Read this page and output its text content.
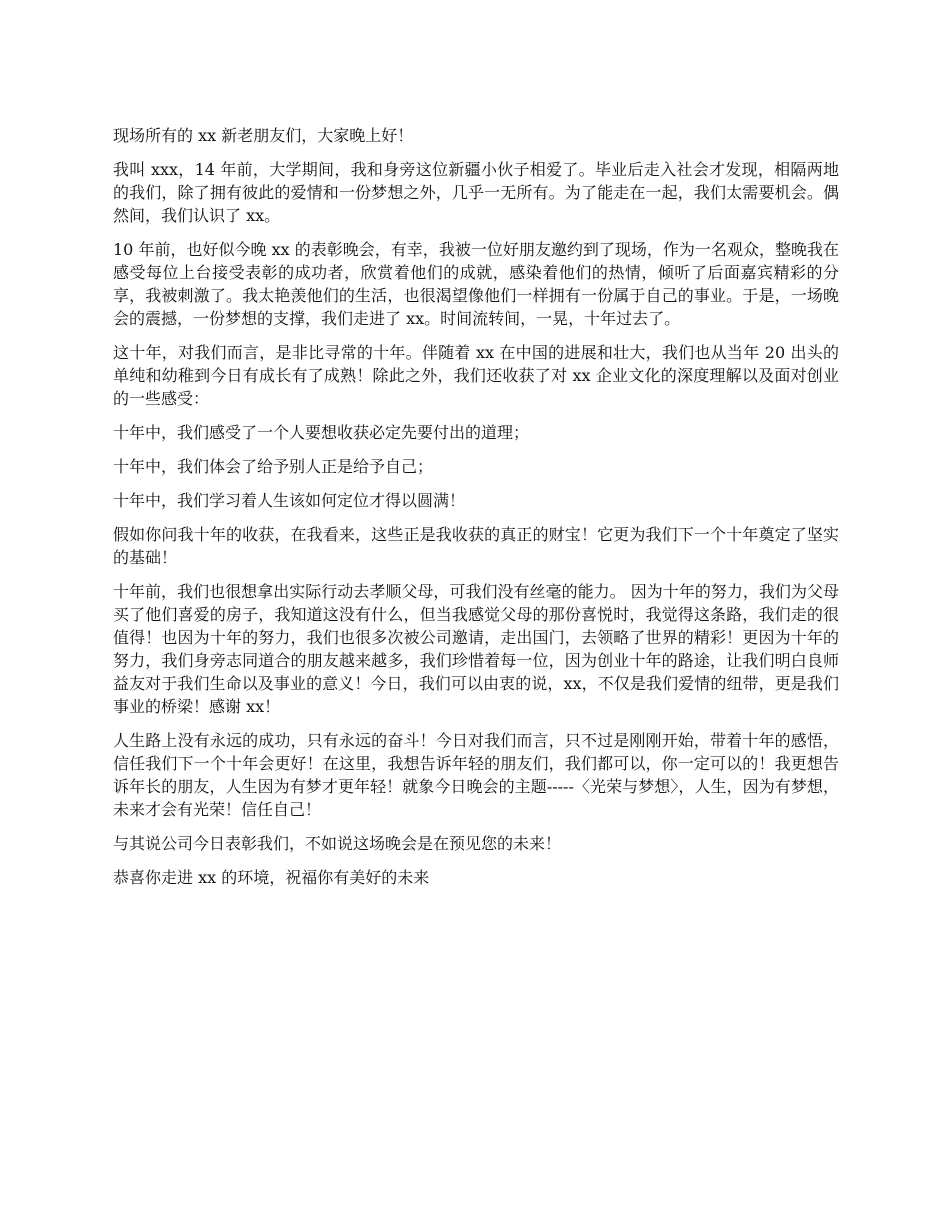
现场所有的 xx 新老朋友们，大家晚上好！

我叫 xxx，14 年前，大学期间，我和身旁这位新疆小伙子相爱了。毕业后走入社会才发现，相隔两地的我们，除了拥有彼此的爱情和一份梦想之外，几乎一无所有。为了能走在一起，我们太需要机会。偶然间，我们认识了 xx。

10 年前，也好似今晚 xx 的表彰晚会，有幸，我被一位好朋友邀约到了现场，作为一名观众，整晚我在感受每位上台接受表彰的成功者，欣赏着他们的成就，感染着他们的热情，倾听了后面嘉宾精彩的分享，我被刺激了。我太艳羡他们的生活，也很渴望像他们一样拥有一份属于自己的事业。于是，一场晚会的震撼，一份梦想的支撑，我们走进了 xx。时间流转间，一晃，十年过去了。

这十年，对我们而言，是非比寻常的十年。伴随着 xx 在中国的进展和壮大，我们也从当年 20 出头的单纯和幼稚到今日有成长有了成熟！除此之外，我们还收获了对 xx 企业文化的深度理解以及面对创业的一些感受：

十年中，我们感受了一个人要想收获必定先要付出的道理；

十年中，我们体会了给予别人正是给予自己；

十年中，我们学习着人生该如何定位才得以圆满！

假如你问我十年的收获，在我看来，这些正是我收获的真正的财宝！它更为我们下一个十年奠定了坚实的基础！

十年前，我们也很想拿出实际行动去孝顺父母，可我们没有丝毫的能力。 因为十年的努力，我们为父母买了他们喜爱的房子，我知道这没有什么，但当我感觉父母的那份喜悦时，我觉得这条路，我们走的很值得！也因为十年的努力，我们也很多次被公司邀请，走出国门，去领略了世界的精彩！更因为十年的努力，我们身旁志同道合的朋友越来越多，我们珍惜着每一位，因为创业十年的路途，让我们明白良师益友对于我们生命以及事业的意义！今日，我们可以由衷的说，xx，不仅是我们爱情的纽带，更是我们事业的桥梁！感谢 xx！

人生路上没有永远的成功，只有永远的奋斗！今日对我们而言，只不过是刚刚开始，带着十年的感悟，信任我们下一个十年会更好！在这里，我想告诉年轻的朋友们，我们都可以，你一定可以的！我更想告诉年长的朋友，人生因为有梦才更年轻！就象今日晚会的主题-----〈光荣与梦想〉，人生，因为有梦想，未来才会有光荣！信任自己！

与其说公司今日表彰我们，不如说这场晚会是在预见您的未来！

恭喜你走进 xx 的环境，祝福你有美好的未来
